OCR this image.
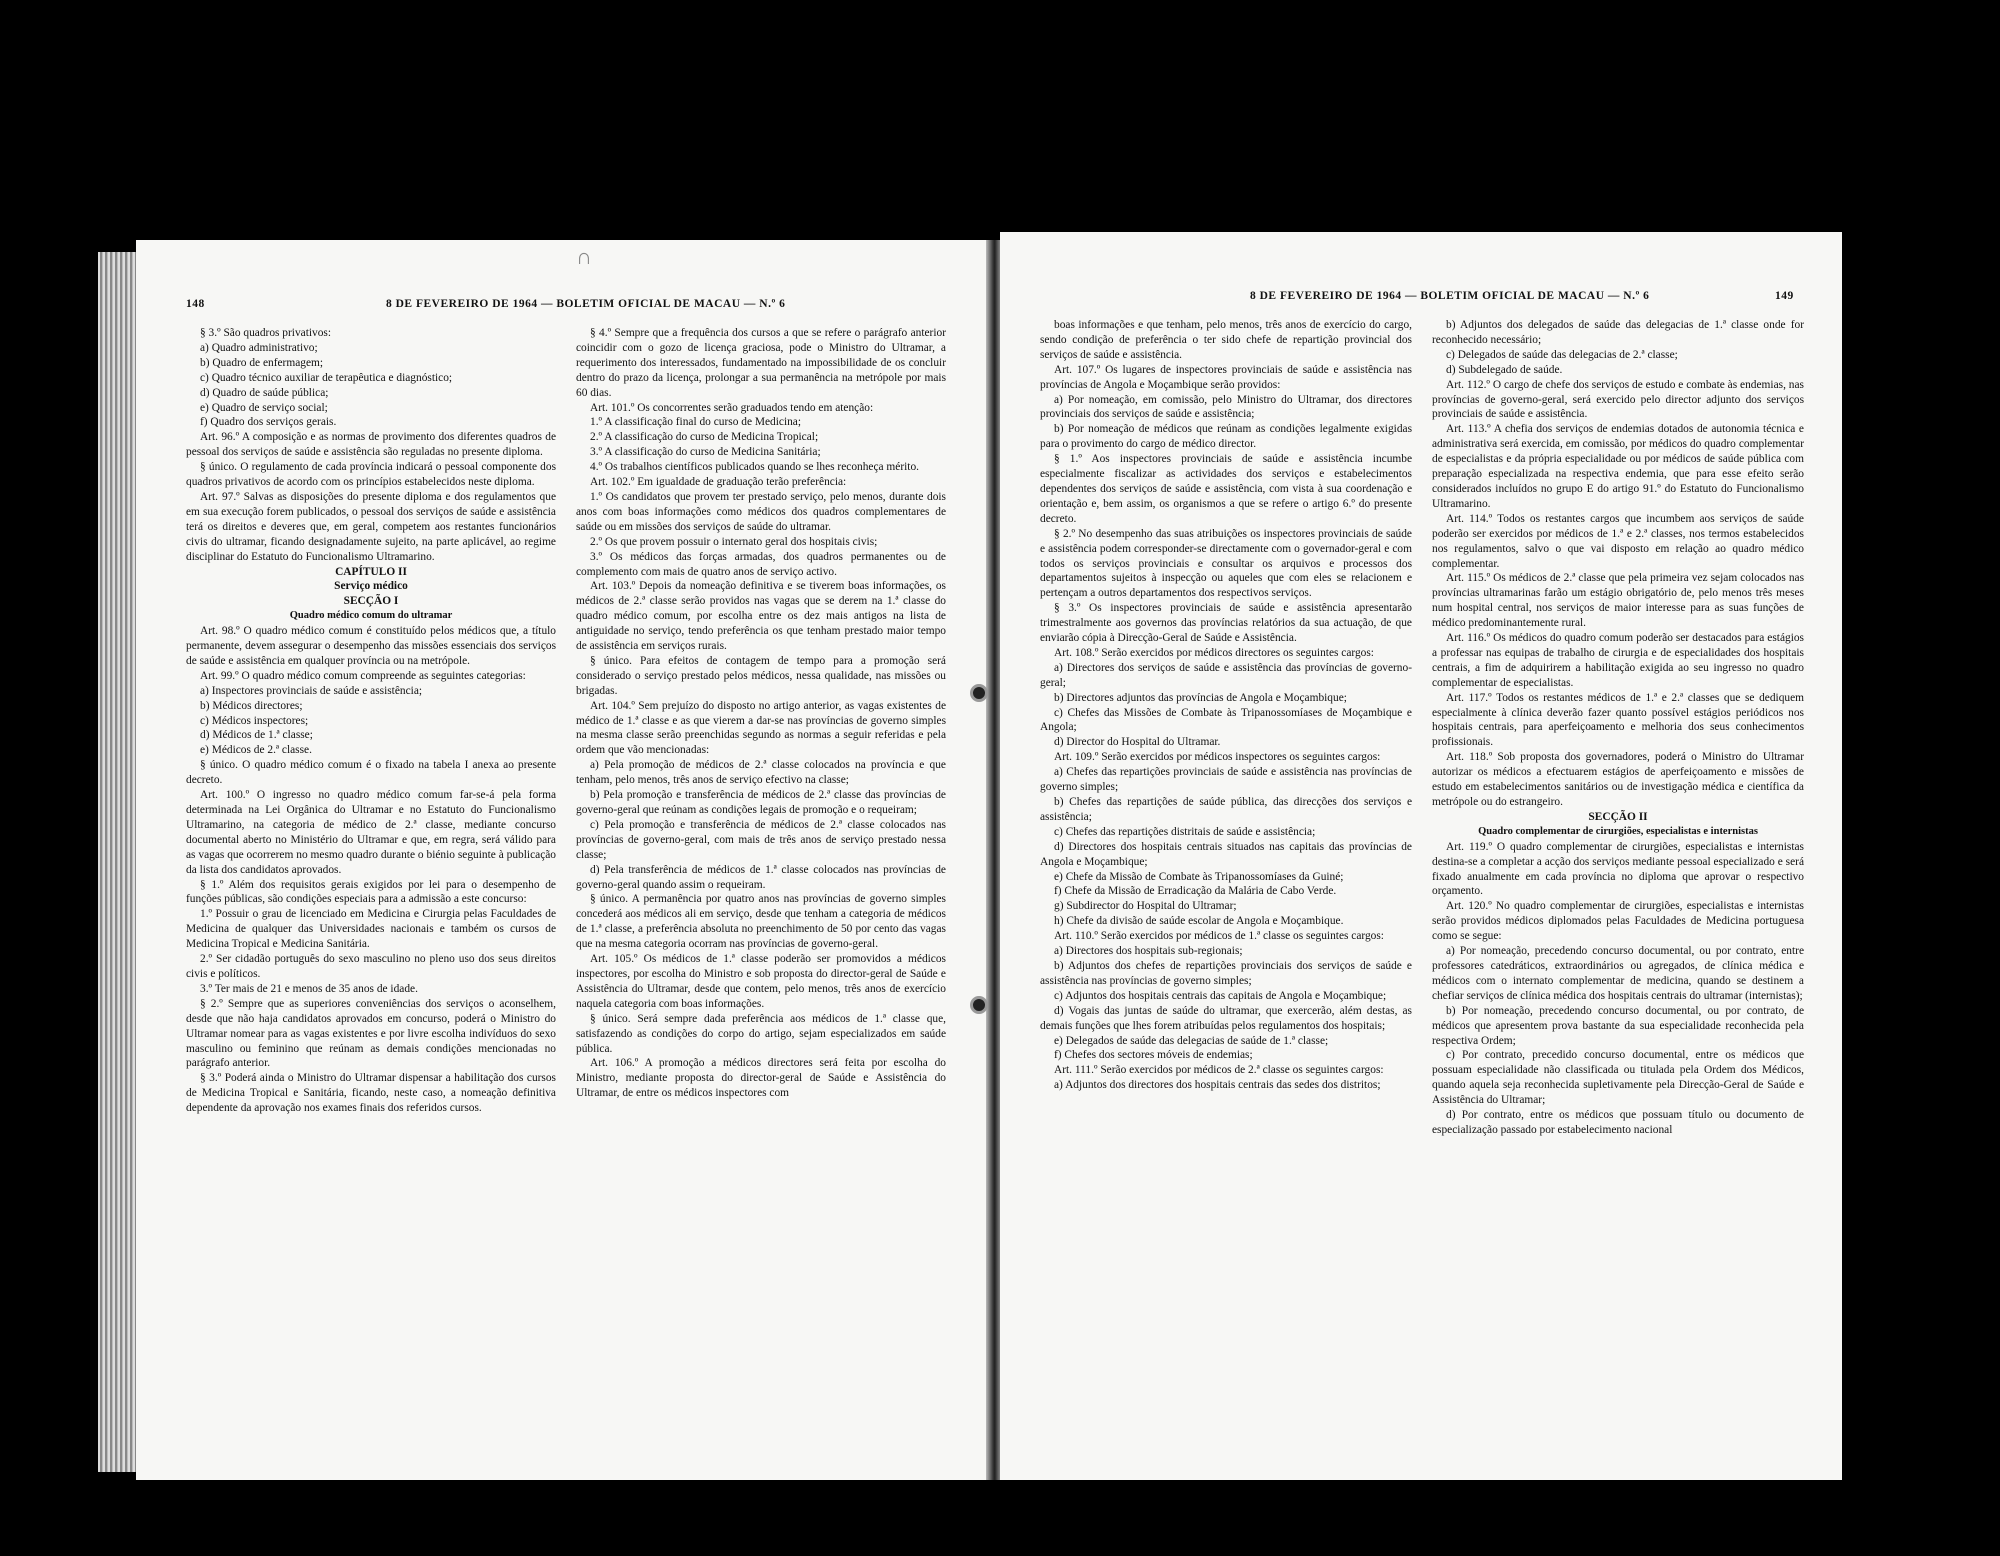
148	8 DE FEVEREIRO DE 1964 — BOLETIM OFICIAL DE MACAU — N.º 6

§ 3.º São quadros privativos:

a) Quadro administrativo;

b) Quadro de enfermagem;

c) Quadro técnico auxiliar de terapêutica e diagnóstico;

d) Quadro de saúde pública;

e) Quadro de serviço social;

f) Quadro dos serviços gerais.

Art. 96.º A composição e as normas de provimento dos diferentes quadros de pessoal dos serviços de saúde e assistência são reguladas no presente diploma.

§ único. O regulamento de cada província indicará o pessoal componente dos quadros privativos de acordo com os princípios estabelecidos neste diploma.

Art. 97.º Salvas as disposições do presente diploma e dos regulamentos que em sua execução forem publicados, o pessoal dos serviços de saúde e assistência terá os direitos e deveres que, em geral, competem aos restantes funcionários civis do ultramar, ficando designadamente sujeito, na parte aplicável, ao regime disciplinar do Estatuto do Funcionalismo Ultramarino.

CAPÍTULO II

Serviço médico

SECÇÃO I

Quadro médico comum do ultramar

Art. 98.º O quadro médico comum é constituído pelos médicos que, a título permanente, devem assegurar o desempenho das missões essenciais dos serviços de saúde e assistência em qualquer província ou na metrópole.

Art. 99.º O quadro médico comum compreende as seguintes categorias:

a) Inspectores provinciais de saúde e assistência;

b) Médicos directores;

c) Médicos inspectores;

d) Médicos de 1.ª classe;

e) Médicos de 2.ª classe.

§ único. O quadro médico comum é o fixado na tabela I anexa ao presente decreto.

Art. 100.º O ingresso no quadro médico comum far-se-á pela forma determinada na Lei Orgânica do Ultramar e no Estatuto do Funcionalismo Ultramarino, na categoria de médico de 2.ª classe, mediante concurso documental aberto no Ministério do Ultramar e que, em regra, será válido para as vagas que ocorrerem no mesmo quadro durante o biénio seguinte à publicação da lista dos candidatos aprovados.

§ 1.º Além dos requisitos gerais exigidos por lei para o desempenho de funções públicas, são condições especiais para a admissão a este concurso:

1.º Possuir o grau de licenciado em Medicina e Cirurgia pelas Faculdades de Medicina de qualquer das Universidades nacionais e também os cursos de Medicina Tropical e Medicina Sanitária.

2.º Ser cidadão português do sexo masculino no pleno uso dos seus direitos civis e políticos.

3.º Ter mais de 21 e menos de 35 anos de idade.

§ 2.º Sempre que as superiores conveniências dos serviços o aconselhem, desde que não haja candidatos aprovados em concurso, poderá o Ministro do Ultramar nomear para as vagas existentes e por livre escolha indivíduos do sexo masculino ou feminino que reúnam as demais condições mencionadas no parágrafo anterior.

§ 3.º Poderá ainda o Ministro do Ultramar dispensar a habilitação dos cursos de Medicina Tropical e Sanitária, ficando, neste caso, a nomeação definitiva dependente da aprovação nos exames finais dos referidos cursos.

§ 4.º Sempre que a frequência dos cursos a que se refere o parágrafo anterior coincidir com o gozo de licença graciosa, pode o Ministro do Ultramar, a requerimento dos interessados, fundamentado na impossibilidade de os concluir dentro do prazo da licença, prolongar a sua permanência na metrópole por mais 60 dias.

Art. 101.º Os concorrentes serão graduados tendo em atenção:

1.º A classificação final do curso de Medicina;

2.º A classificação do curso de Medicina Tropical;

3.º A classificação do curso de Medicina Sanitária;

4.º Os trabalhos científicos publicados quando se lhes reconheça mérito.

Art. 102.º Em igualdade de graduação terão preferência:

1.º Os candidatos que provem ter prestado serviço, pelo menos, durante dois anos com boas informações como médicos dos quadros complementares de saúde ou em missões dos serviços de saúde do ultramar.

2.º Os que provem possuir o internato geral dos hospitais civis;

3.º Os médicos das forças armadas, dos quadros permanentes ou de complemento com mais de quatro anos de serviço activo.

Art. 103.º Depois da nomeação definitiva e se tiverem boas informações, os médicos de 2.ª classe serão providos nas vagas que se derem na 1.ª classe do quadro médico comum, por escolha entre os dez mais antigos na lista de antiguidade no serviço, tendo preferência os que tenham prestado maior tempo de assistência em serviços rurais.

§ único. Para efeitos de contagem de tempo para a promoção será considerado o serviço prestado pelos médicos, nessa qualidade, nas missões ou brigadas.

Art. 104.º Sem prejuízo do disposto no artigo anterior, as vagas existentes de médico de 1.ª classe e as que vierem a dar-se nas províncias de governo simples na mesma classe serão preenchidas segundo as normas a seguir referidas e pela ordem que vão mencionadas:

a) Pela promoção de médicos de 2.ª classe colocados na província e que tenham, pelo menos, três anos de serviço efectivo na classe;

b) Pela promoção e transferência de médicos de 2.ª classe das províncias de governo-geral que reúnam as condições legais de promoção e o requeiram;

c) Pela promoção e transferência de médicos de 2.ª classe colocados nas províncias de governo-geral, com mais de três anos de serviço prestado nessa classe;

d) Pela transferência de médicos de 1.ª classe colocados nas províncias de governo-geral quando assim o requeiram.

§ único. A permanência por quatro anos nas províncias de governo simples concederá aos médicos ali em serviço, desde que tenham a categoria de médicos de 1.ª classe, a preferência absoluta no preenchimento de 50 por cento das vagas que na mesma categoria ocorram nas províncias de governo-geral.

Art. 105.º Os médicos de 1.ª classe poderão ser promovidos a médicos inspectores, por escolha do Ministro e sob proposta do director-geral de Saúde e Assistência do Ultramar, desde que contem, pelo menos, três anos de exercício naquela categoria com boas informações.

§ único. Será sempre dada preferência aos médicos de 1.ª classe que, satisfazendo as condições do corpo do artigo, sejam especializados em saúde pública.

Art. 106.º A promoção a médicos directores será feita por escolha do Ministro, mediante proposta do director-geral de Saúde e Assistência do Ultramar, de entre os médicos inspectores com

∩
8 DE FEVEREIRO DE 1964 — BOLETIM OFICIAL DE MACAU — N.º 6	149

boas informações e que tenham, pelo menos, três anos de exercício do cargo, sendo condição de preferência o ter sido chefe de repartição provincial dos serviços de saúde e assistência.

Art. 107.º Os lugares de inspectores provinciais de saúde e assistência nas províncias de Angola e Moçambique serão providos:

a) Por nomeação, em comissão, pelo Ministro do Ultramar, dos directores provinciais dos serviços de saúde e assistência;

b) Por nomeação de médicos que reúnam as condições legalmente exigidas para o provimento do cargo de médico director.

§ 1.º Aos inspectores provinciais de saúde e assistência incumbe especialmente fiscalizar as actividades dos serviços e estabelecimentos dependentes dos serviços de saúde e assistência, com vista à sua coordenação e orientação e, bem assim, os organismos a que se refere o artigo 6.º do presente decreto.

§ 2.º No desempenho das suas atribuições os inspectores provinciais de saúde e assistência podem corresponder-se directamente com o governador-geral e com todos os serviços provinciais e consultar os arquivos e processos dos departamentos sujeitos à inspecção ou aqueles que com eles se relacionem e pertençam a outros departamentos dos respectivos serviços.

§ 3.º Os inspectores provinciais de saúde e assistência apresentarão trimestralmente aos governos das províncias relatórios da sua actuação, de que enviarão cópia à Direcção-Geral de Saúde e Assistência.

Art. 108.º Serão exercidos por médicos directores os seguintes cargos:

a) Directores dos serviços de saúde e assistência das províncias de governo-geral;

b) Directores adjuntos das províncias de Angola e Moçambique;

c) Chefes das Missões de Combate às Tripanossomíases de Moçambique e Angola;

d) Director do Hospital do Ultramar.

Art. 109.º Serão exercidos por médicos inspectores os seguintes cargos:

a) Chefes das repartições provinciais de saúde e assistência nas províncias de governo simples;

b) Chefes das repartições de saúde pública, das direcções dos serviços e assistência;

c) Chefes das repartições distritais de saúde e assistência;

d) Directores dos hospitais centrais situados nas capitais das províncias de Angola e Moçambique;

e) Chefe da Missão de Combate às Tripanossomíases da Guiné;

f) Chefe da Missão de Erradicação da Malária de Cabo Verde.

g) Subdirector do Hospital do Ultramar;

h) Chefe da divisão de saúde escolar de Angola e Moçambique.

Art. 110.º Serão exercidos por médicos de 1.ª classe os seguintes cargos:

a) Directores dos hospitais sub-regionais;

b) Adjuntos dos chefes de repartições provinciais dos serviços de saúde e assistência nas províncias de governo simples;

c) Adjuntos dos hospitais centrais das capitais de Angola e Moçambique;

d) Vogais das juntas de saúde do ultramar, que exercerão, além destas, as demais funções que lhes forem atribuídas pelos regulamentos dos hospitais;

e) Delegados de saúde das delegacias de saúde de 1.ª classe;

f) Chefes dos sectores móveis de endemias;

Art. 111.º Serão exercidos por médicos de 2.ª classe os seguintes cargos:

a) Adjuntos dos directores dos hospitais centrais das sedes dos distritos;

b) Adjuntos dos delegados de saúde das delegacias de 1.ª classe onde for reconhecido necessário;

c) Delegados de saúde das delegacias de 2.ª classe;

d) Subdelegado de saúde.

Art. 112.º O cargo de chefe dos serviços de estudo e combate às endemias, nas províncias de governo-geral, será exercido pelo director adjunto dos serviços provinciais de saúde e assistência.

Art. 113.º A chefia dos serviços de endemias dotados de autonomia técnica e administrativa será exercida, em comissão, por médicos do quadro complementar de especialistas e da própria especialidade ou por médicos de saúde pública com preparação especializada na respectiva endemia, que para esse efeito serão considerados incluídos no grupo E do artigo 91.º do Estatuto do Funcionalismo Ultramarino.

Art. 114.º Todos os restantes cargos que incumbem aos serviços de saúde poderão ser exercidos por médicos de 1.ª e 2.ª classes, nos termos estabelecidos nos regulamentos, salvo o que vai disposto em relação ao quadro médico complementar.

Art. 115.º Os médicos de 2.ª classe que pela primeira vez sejam colocados nas províncias ultramarinas farão um estágio obrigatório de, pelo menos três meses num hospital central, nos serviços de maior interesse para as suas funções de médico predominantemente rural.

Art. 116.º Os médicos do quadro comum poderão ser destacados para estágios a professar nas equipas de trabalho de cirurgia e de especialidades dos hospitais centrais, a fim de adquirirem a habilitação exigida ao seu ingresso no quadro complementar de especialistas.

Art. 117.º Todos os restantes médicos de 1.ª e 2.ª classes que se dediquem especialmente à clínica deverão fazer quanto possível estágios periódicos nos hospitais centrais, para aperfeiçoamento e melhoria dos seus conhecimentos profissionais.

Art. 118.º Sob proposta dos governadores, poderá o Ministro do Ultramar autorizar os médicos a efectuarem estágios de aperfeiçoamento e missões de estudo em estabelecimentos sanitários ou de investigação médica e científica da metrópole ou do estrangeiro.

SECÇÃO II

Quadro complementar de cirurgiões, especialistas e internistas

Art. 119.º O quadro complementar de cirurgiões, especialistas e internistas destina-se a completar a acção dos serviços mediante pessoal especializado e será fixado anualmente em cada província no diploma que aprovar o respectivo orçamento.

Art. 120.º No quadro complementar de cirurgiões, especialistas e internistas serão providos médicos diplomados pelas Faculdades de Medicina portuguesa como se segue:

a) Por nomeação, precedendo concurso documental, ou por contrato, entre professores catedráticos, extraordinários ou agregados, de clínica médica e médicos com o internato complementar de medicina, quando se destinem a chefiar serviços de clínica médica dos hospitais centrais do ultramar (internistas);

b) Por nomeação, precedendo concurso documental, ou por contrato, de médicos que apresentem prova bastante da sua especialidade reconhecida pela respectiva Ordem;

c) Por contrato, precedido concurso documental, entre os médicos que possuam especialidade não classificada ou titulada pela Ordem dos Médicos, quando aquela seja reconhecida supletivamente pela Direcção-Geral de Saúde e Assistência do Ultramar;

d) Por contrato, entre os médicos que possuam título ou documento de especialização passado por estabelecimento nacional
